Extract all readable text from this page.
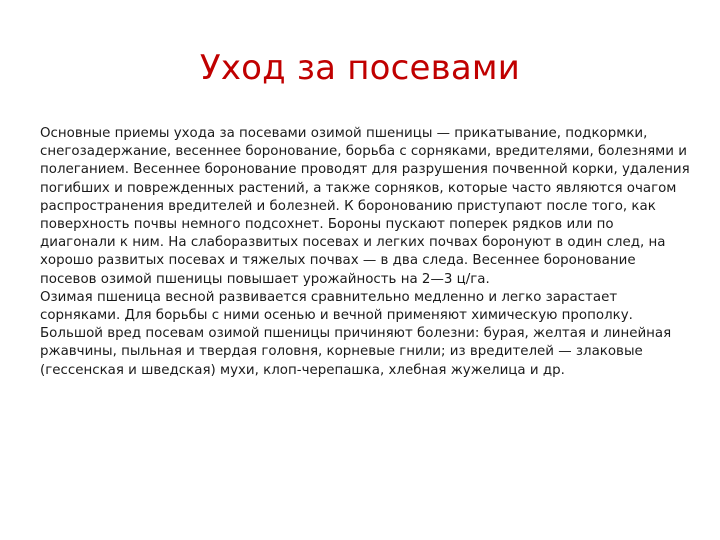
Уход за посевами

Основные приемы ухода за посевами озимой пшеницы — прикатывание, подкормки, снегозадержание, весеннее боронование, борьба с сорняками, вредителями, болезнями и полеганием. Весеннее боронование проводят для разрушения почвенной корки, удаления погибших и поврежденных растений, а также сорняков, которые часто являются очагом распространения вредителей и болезней. К боронованию приступают после того, как поверхность почвы немного подсохнет. Бороны пускают поперек рядков или по диагонали к ним. На слаборазвитых посевах и легких почвах боронуют в один след, на хорошо развитых посевах и тяжелых почвах — в два следа. Весеннее боронование посевов озимой пшеницы повышает урожайность на 2—3 ц/га.

Озимая пшеница весной развивается сравнительно медленно и легко зарастает сорняками. Для борьбы с ними осенью и вечной применяют химическую прополку. Большой вред посевам озимой пшеницы причиняют болезни: бурая, желтая и линейная ржавчины, пыльная и твердая головня, корневые гнили; из вредителей — злаковые (гессенская и шведская) мухи, клоп-черепашка, хлебная жужелица и др.
